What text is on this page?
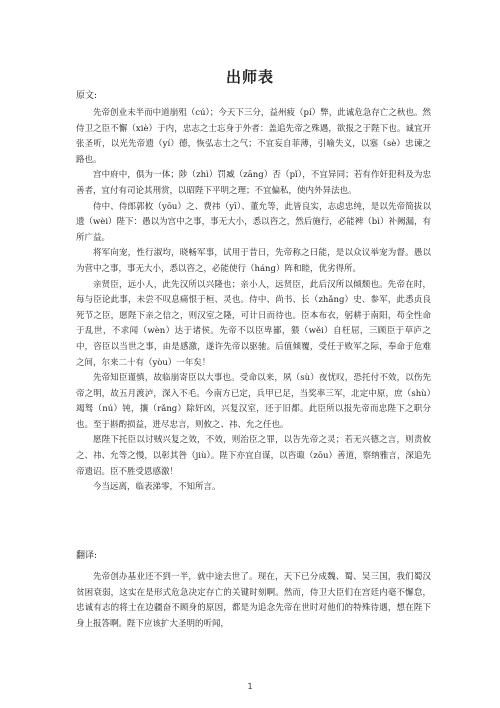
出师表
原文:

先帝创业未半而中道崩殂（cú）；今天下三分，益州疲（pí）弊，此诚危急存亡之秋也。然侍卫之臣不懈（xiè）于内，忠志之士忘身于外者：盖追先帝之殊遇，欲报之于陛下也。诚宜开张圣听，以光先帝遗（yí）德，恢弘志士之气；不宜妄自菲薄，引喻失义，以塞（sè）忠谏之路也。

宫中府中，俱为一体；陟（zhì）罚臧（zāng）否（pǐ），不宜异同；若有作奸犯科及为忠善者，宜付有司论其刑赏，以昭陛下平明之理；不宜偏私，使内外异法也。

侍中、侍郎郭攸（yōu）之、费祎（yī）、董允等，此皆良实，志虑忠纯，是以先帝简拔以遗（wèi）陛下：愚以为宫中之事，事无大小，悉以咨之，然后施行，必能裨（bì）补阙漏，有所广益。

将军向宠，性行淑均，晓畅军事，试用于昔日，先帝称之曰能，是以众议举宠为督。愚以为营中之事，事无大小，悉以咨之，必能使行（háng）阵和睦，优劣得所。

亲贤臣，远小人，此先汉所以兴隆也；亲小人，远贤臣，此后汉所以倾颓也。先帝在时，每与臣论此事，未尝不叹息痛恨于桓、灵也。侍中、尚书、长（zhǎng）史、参军，此悉贞良死节之臣，愿陛下亲之信之，则汉室之隆，可计日而待也。臣本布衣，躬耕于南阳，苟全性命于乱世，不求闻（wèn）达于诸侯。先帝不以臣卑鄙，猥（wěi）自枉屈，三顾臣于草庐之中，咨臣以当世之事，由是感激，遂许先帝以驱驰。后值倾覆，受任于败军之际，奉命于危难之间，尔来二十有（yòu）一年矣！

先帝知臣谨慎，故临崩寄臣以大事也。受命以来，夙（sù）夜忧叹，恐托付不效，以伤先帝之明，故五月渡泸，深入不毛。今南方已定，兵甲已足，当奖率三军，北定中原，庶（shù）竭驽（nú）钝，攘（rǎng）除奸凶，兴复汉室，还于旧都。此臣所以报先帝而忠陛下之职分也。至于斟酌损益，进尽忠言，则攸之、祎、允之任也。

愿陛下托臣以讨贼兴复之效，不效，则治臣之罪，以告先帝之灵；若无兴德之言，则责攸之、祎、允等之慢，以彰其咎（jiù）。陛下亦宜自谋，以咨诹（zōu）善道，察纳雅言，深追先帝遗诏。臣不胜受恩感激！

今当远离，临表涕零，不知所言。

翻译:

先帝创办基业还不到一半，就中途去世了。现在，天下已分成魏、蜀、吴三国，我们蜀汉贫困衰弱，这实在是形式危急决定存亡的关键时刻啊。然而，侍卫大臣们在宫廷内毫不懈怠，忠诚有志的将士在边疆奋不顾身的原因，都是为追念先帝在世时对他们的特殊待遇，想在陛下身上报答啊。陛下应该扩大圣明的听闻，

1
